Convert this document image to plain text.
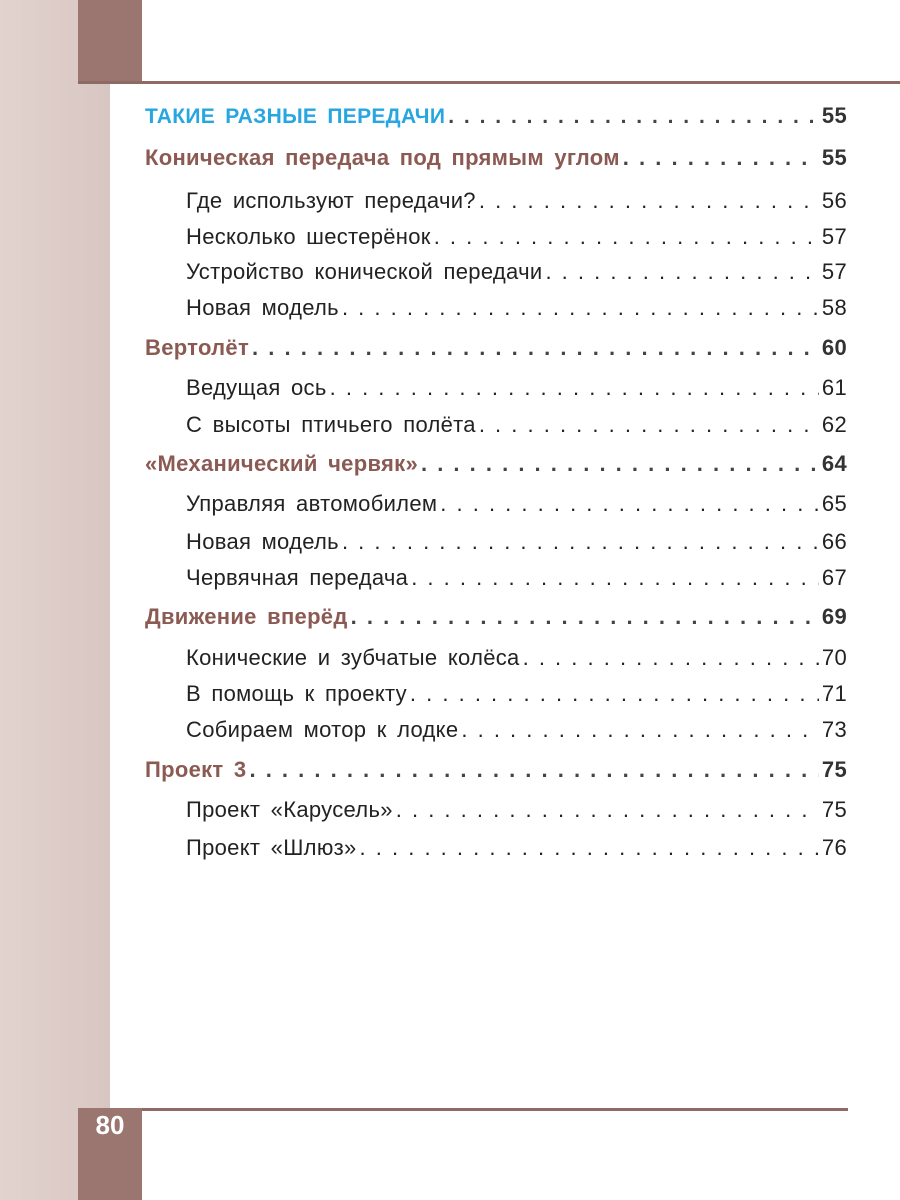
80
ТАКИЕ РАЗНЫЕ ПЕРЕДАЧИ . . .	55
Коническая передача под прямым углом . . .	55
Где используют передачи? . . .	56
Несколько шестерёнок . . .	57
Устройство конической передачи . . .	57
Новая модель . . .	58
Вертолёт . . .	60
Ведущая ось . . .	61
С высоты птичьего полёта . . .	62
«Механический червяк» . . .	64
Управляя автомобилем . . .	65
Новая модель . . .	66
Червячная передача . . .	67
Движение вперёд . . .	69
Конические и зубчатые колёса . . .	70
В помощь к проекту . . .	71
Собираем мотор к лодке . . .	73
Проект 3 . . .	75
Проект «Карусель» . . .	75
Проект «Шлюз» . . .	76
